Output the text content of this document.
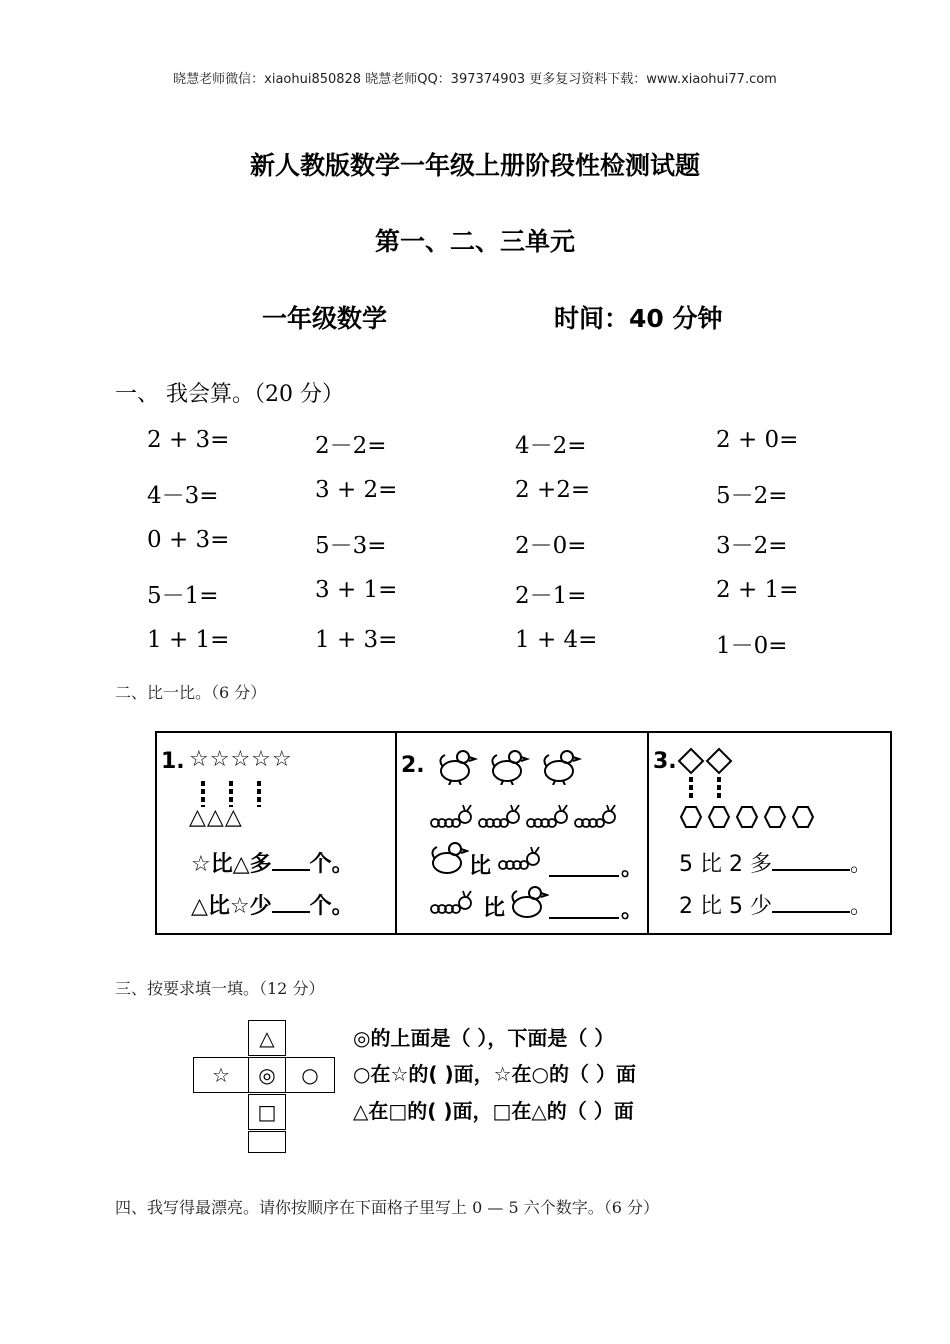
晓慧老师微信：xiaohui850828 晓慧老师QQ：397374903 更多复习资料下载：www.xiaohui77.com
新人教版数学一年级上册阶段性检测试题
第一、二、三单元
一年级数学	时间：40 分钟
一、 我会算。（20 分）
2 + 3=	2－2=	4－2=	2 + 0=
4－3=	3 + 2=	2 +2=	5－2=
0 + 3=	5－3=	2－0=	3－2=
5－1=	3 + 1=	2－1=	2 + 1=
1 + 1=	1 + 3=	1 + 4=	1－0=
二、比一比。（6 分）
1. ☆☆☆☆☆
△△△
☆比△多 个。
△比☆少 个。
2.
比	。
比	。
3.
5 比 2 多	。
2 比 5 少	。
三、按要求填一填。（12 分）
△
☆	◎	○
□
◎的上面是（ ），下面是（ ）
○在☆的( )面，☆在○的（ ）面
△在□的( )面，□在△的（ ）面
四、我写得最漂亮。请你按顺序在下面格子里写上 0 — 5 六个数字。（6 分）
